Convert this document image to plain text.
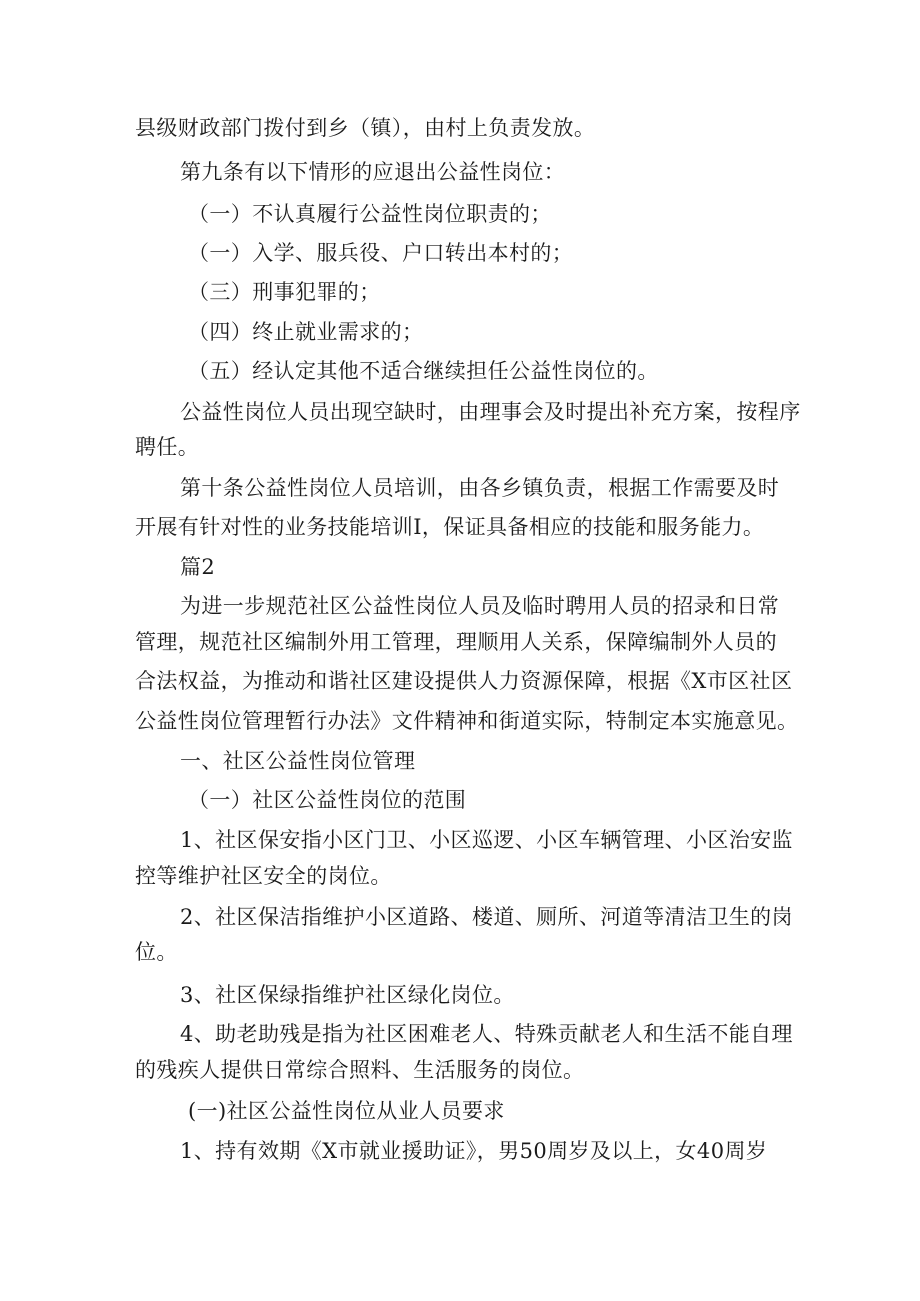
县级财政部门拨付到乡（镇），由村上负责发放。
第九条有以下情形的应退出公益性岗位：
（一）不认真履行公益性岗位职责的；
（一）入学、服兵役、户口转出本村的；
（三）刑事犯罪的；
（四）终止就业需求的；
（五）经认定其他不适合继续担任公益性岗位的。
公益性岗位人员出现空缺时，由理事会及时提出补充方案，按程序
聘任。
第十条公益性岗位人员培训，由各乡镇负责，根据工作需要及时
开展有针对性的业务技能培训I，保证具备相应的技能和服务能力。
篇2
为进一步规范社区公益性岗位人员及临时聘用人员的招录和日常
管理，规范社区编制外用工管理，理顺用人关系，保障编制外人员的
合法权益，为推动和谐社区建设提供人力资源保障，根据《X市区社区
公益性岗位管理暂行办法》文件精神和街道实际，特制定本实施意见。
一、社区公益性岗位管理
（一）社区公益性岗位的范围
1、社区保安指小区门卫、小区巡逻、小区车辆管理、小区治安监
控等维护社区安全的岗位。
2、社区保洁指维护小区道路、楼道、厕所、河道等清洁卫生的岗
位。
3、社区保绿指维护社区绿化岗位。
4、助老助残是指为社区困难老人、特殊贡献老人和生活不能自理
的残疾人提供日常综合照料、生活服务的岗位。
(一)社区公益性岗位从业人员要求
1、持有效期《X市就业援助证》，男50周岁及以上，女40周岁
